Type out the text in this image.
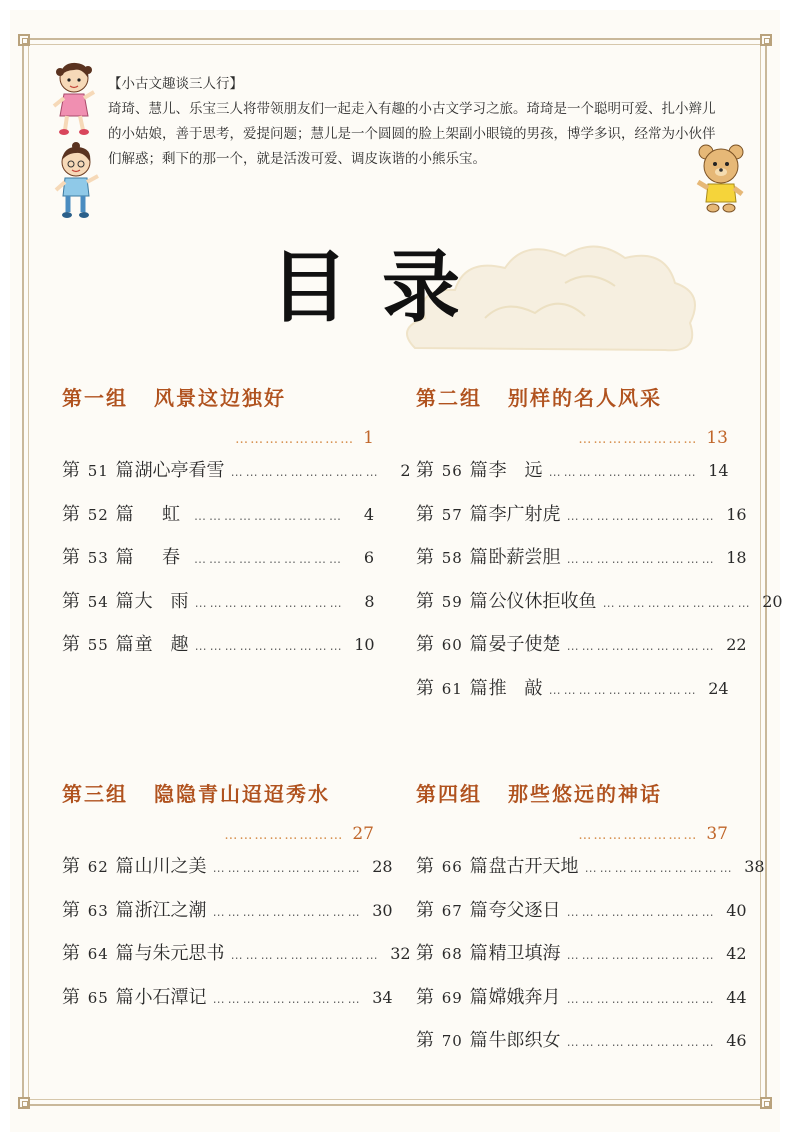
【小古文趣谈三人行】
琦琦、慧儿、乐宝三人将带领朋友们一起走入有趣的小古文学习之旅。琦琦是一个聪明可爱、扎小辫儿的小姑娘，善于思考，爱提问题；慧儿是一个圆圆的脸上架副小眼镜的男孩，博学多识，经常为小伙伴们解惑；剩下的那一个，就是活泼可爱、调皮诙谐的小熊乐宝。
目录
第一组 风景这边独好
…………………… 1
第 51 篇 湖心亭看雪 …………………………	2
第 52 篇	虹	…………………………	4
第 53 篇	春	…………………………	6
第 54 篇 大　雨 …………………………	8
第 55 篇 童　趣 ………………………… 10
第二组 别样的名人风采
…………………… 13
第 56 篇 李　远 ………………………… 14
第 57 篇 李广射虎 ………………………… 16
第 58 篇 卧薪尝胆 ………………………… 18
第 59 篇 公仪休拒收鱼 ………………………… 20
第 60 篇 晏子使楚 ………………………… 22
第 61 篇 推　敲 ………………………… 24
第三组 隐隐青山迢迢秀水
…………………… 27
第 62 篇 山川之美 ………………………… 28
第 63 篇 浙江之潮 ………………………… 30
第 64 篇 与朱元思书 ………………………… 32
第 65 篇 小石潭记 ………………………… 34
第四组 那些悠远的神话
…………………… 37
第 66 篇 盘古开天地 ………………………… 38
第 67 篇 夸父逐日 ………………………… 40
第 68 篇 精卫填海 ………………………… 42
第 69 篇 嫦娥奔月 ………………………… 44
第 70 篇 牛郎织女 ………………………… 46
